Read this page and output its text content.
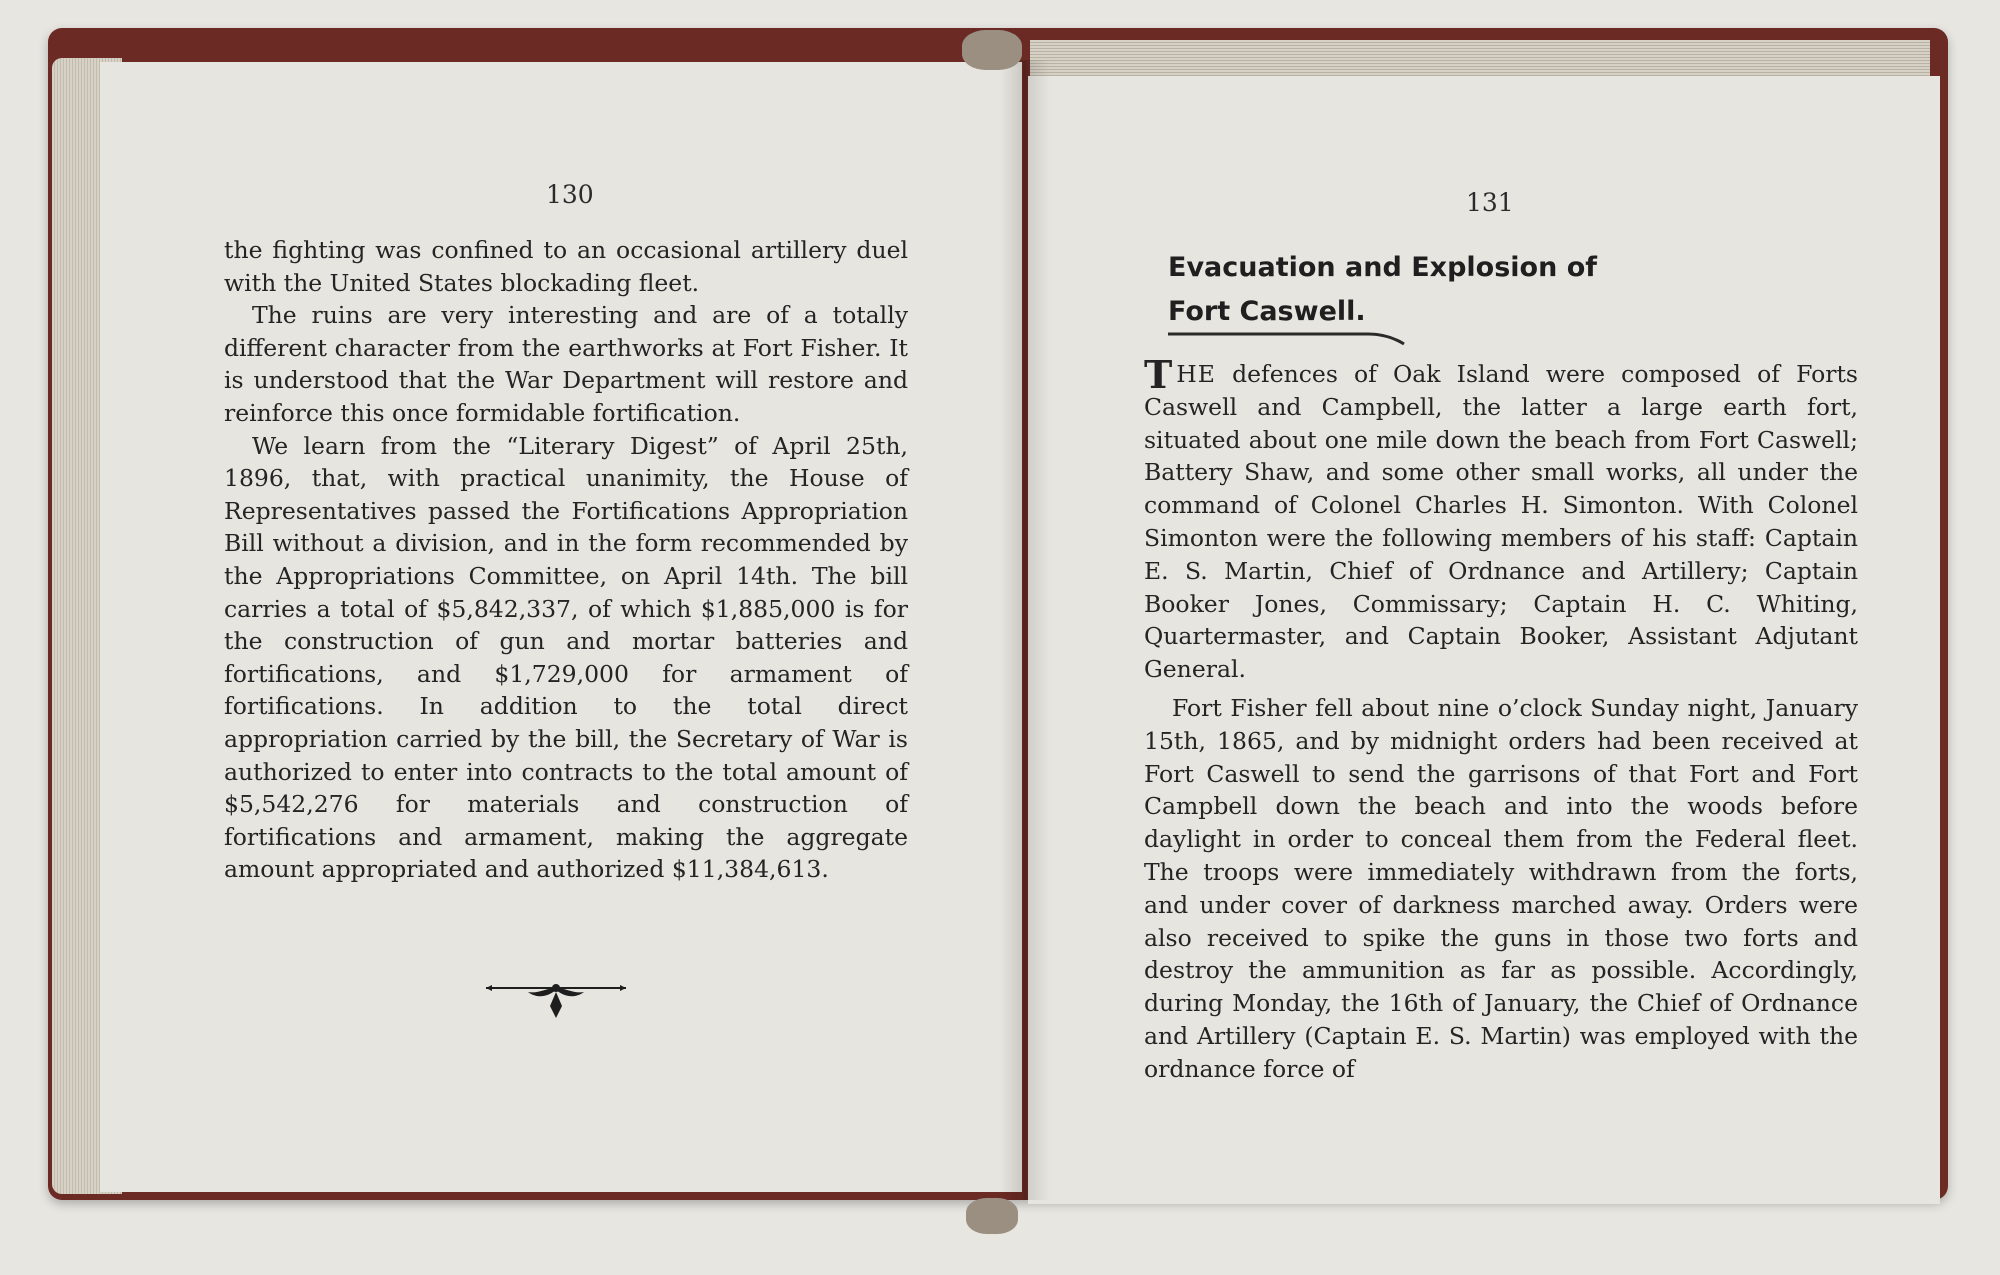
130

the fighting was confined to an occasional artillery duel with the United States blockading fleet.

The ruins are very interesting and are of a totally different character from the earthworks at Fort Fisher. It is understood that the War Department will restore and reinforce this once formidable fortification.

We learn from the “Literary Digest” of April 25th, 1896, that, with practical unanimity, the House of Representatives passed the Fortifications Appropriation Bill without a division, and in the form recommended by the Appropriations Committee, on April 14th. The bill carries a total of $5,842,337, of which $1,885,000 is for the construction of gun and mortar batteries and fortifications, and $1,729,000 for armament of fortifications. In addition to the total direct appropriation carried by the bill, the Secretary of War is authorized to enter into contracts to the total amount of $5,542,276 for materials and construction of fortifications and armament, making the aggregate amount appropriated and authorized $11,384,613.

131
Evacuation and Explosion of
Fort Caswell.

THE defences of Oak Island were composed of Forts Caswell and Campbell, the latter a large earth fort, situated about one mile down the beach from Fort Caswell; Battery Shaw, and some other small works, all under the command of Colonel Charles H. Simonton. With Colonel Simonton were the following members of his staff: Captain E. S. Martin, Chief of Ordnance and Artillery; Captain Booker Jones, Commissary; Captain H. C. Whiting, Quartermaster, and Captain Booker, Assistant Adjutant General.

Fort Fisher fell about nine o’clock Sunday night, January 15th, 1865, and by midnight orders had been received at Fort Caswell to send the garrisons of that Fort and Fort Campbell down the beach and into the woods before daylight in order to conceal them from the Federal fleet. The troops were immediately withdrawn from the forts, and under cover of darkness marched away. Orders were also received to spike the guns in those two forts and destroy the ammunition as far as possible. Accordingly, during Monday, the 16th of January, the Chief of Ordnance and Artillery (Captain E. S. Martin) was employed with the ordnance force of
